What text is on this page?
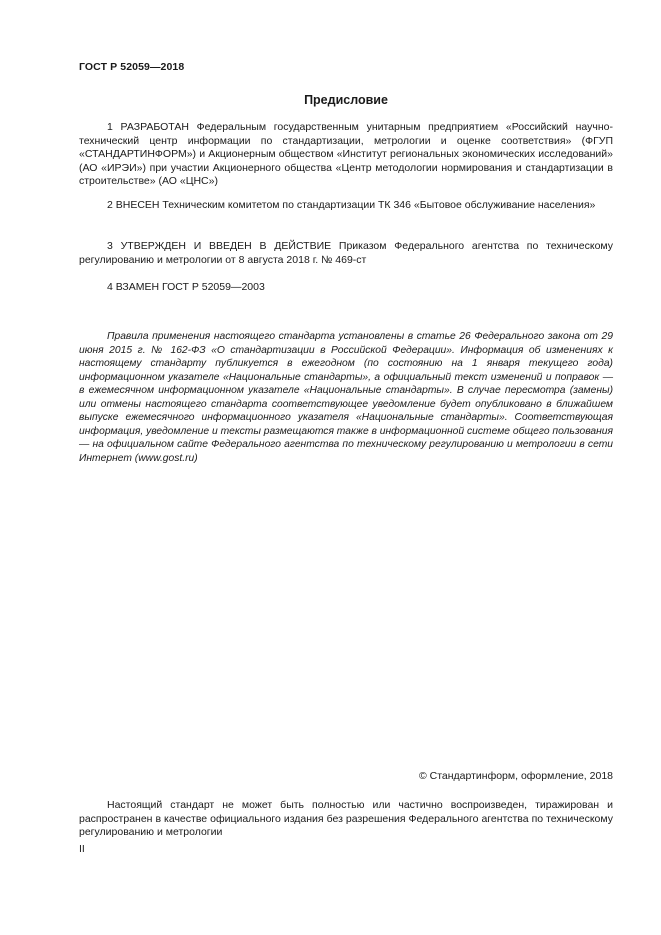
ГОСТ Р 52059—2018
Предисловие

1 РАЗРАБОТАН Федеральным государственным унитарным предприятием «Российский научно-технический центр информации по стандартизации, метрологии и оценке соответствия» (ФГУП «СТАНДАРТИНФОРМ») и Акционерным обществом «Институт региональных экономических исследований» (АО «ИРЭИ») при участии Акционерного общества «Центр методологии нормирования и стандартизации в строительстве» (АО «ЦНС»)

2 ВНЕСЕН Техническим комитетом по стандартизации ТК 346 «Бытовое обслуживание населения»

3 УТВЕРЖДЕН И ВВЕДЕН В ДЕЙСТВИЕ Приказом Федерального агентства по техническому регулированию и метрологии от 8 августа 2018 г. № 469-ст

4 ВЗАМЕН ГОСТ Р 52059—2003

Правила применения настоящего стандарта установлены в статье 26 Федерального закона от 29 июня 2015 г. № 162-ФЗ «О стандартизации в Российской Федерации». Информация об изменениях к настоящему стандарту публикуется в ежегодном (по состоянию на 1 января текущего года) информационном указателе «Национальные стандарты», а официальный текст изменений и поправок — в ежемесячном информационном указателе «Национальные стандарты». В случае пересмотра (замены) или отмены настоящего стандарта соответствующее уведомление будет опубликовано в ближайшем выпуске ежемесячного информационного указателя «Национальные стандарты». Соответствующая информация, уведомление и тексты размещаются также в информационной системе общего пользования — на официальном сайте Федерального агентства по техническому регулированию и метрологии в сети Интернет (www.gost.ru)

© Стандартинформ, оформление, 2018

Настоящий стандарт не может быть полностью или частично воспроизведен, тиражирован и распространен в качестве официального издания без разрешения Федерального агентства по техническому регулированию и метрологии

II
